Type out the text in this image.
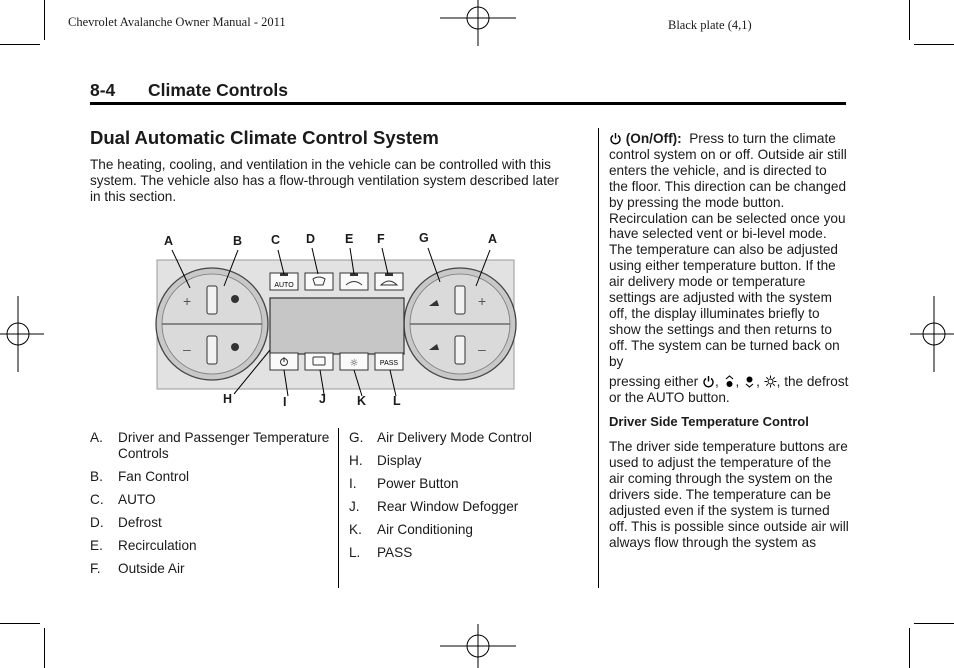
Chevrolet Avalanche Owner Manual - 2011	Black plate (4,1)
8-4 Climate Controls
Dual Automatic Climate Control System
The heating, cooling, and ventilation in the vehicle can be controlled with this system. The vehicle also has a flow-through ventilation system described later in this section.
+
–
+
–
AUTO
☼	PASS
A	B C D E F	G	A
H	I	J K L
A. Driver and Passenger Temperature Controls
B. Fan Control
C. AUTO
D. Defrost
E. Recirculation
F. Outside Air
G. Air Delivery Mode Control
H. Display
I. Power Button
J. Rear Window Defogger
K. Air Conditioning
L. PASS

(On/Off): Press to turn the climate control system on or off. Outside air still enters the vehicle, and is directed to the floor. This direction can be changed by pressing the mode button. Recirculation can be selected once you have selected vent or bi-level mode. The temperature can also be adjusted using either temperature button. If the air delivery mode or temperature settings are adjusted with the system off, the display illuminates briefly to show the settings and then returns to off. The system can be turned back on by

pressing either , , , , the defrost or the AUTO button.

Driver Side Temperature Control

The driver side temperature buttons are used to adjust the temperature of the air coming through the system on the drivers side. The temperature can be adjusted even if the system is turned off. This is possible since outside air will always flow through the system as
